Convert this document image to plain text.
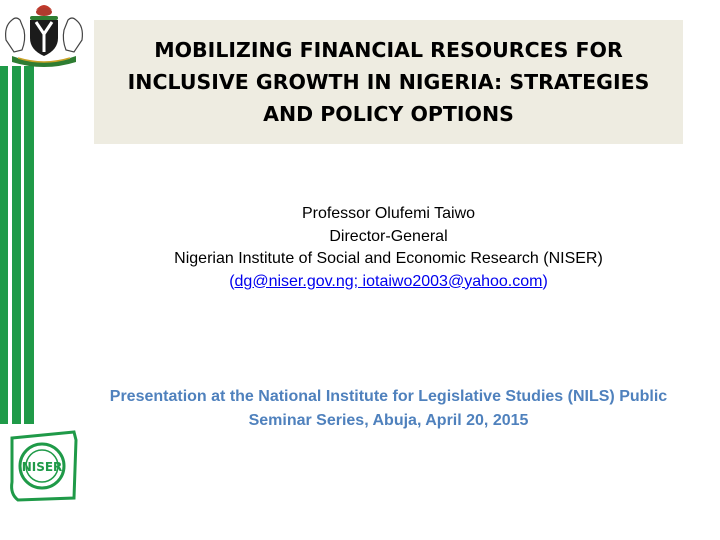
NISER
MOBILIZING FINANCIAL RESOURCES FOR INCLUSIVE GROWTH IN NIGERIA: STRATEGIES AND POLICY OPTIONS
Professor Olufemi Taiwo
Director-General
Nigerian Institute of Social and Economic Research (NISER)
(dg@niser.gov.ng; iotaiwo2003@yahoo.com)
Presentation at the National Institute for Legislative Studies (NILS) Public Seminar Series, Abuja, April 20, 2015
